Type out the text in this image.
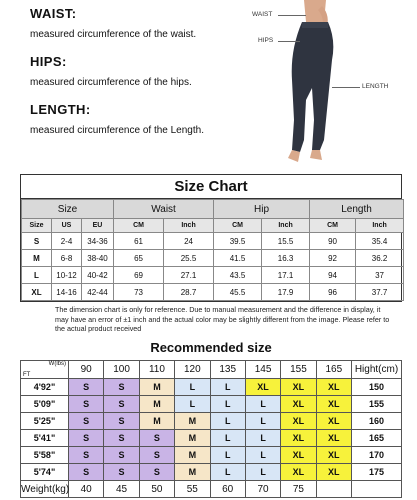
WAIST:
measured circumference of the waist.
HIPS:
measured circumference of the hips.
LENGTH:
measured circumference of the Length.
WAIST
HIPS
LENGTH
Size Chart
Size			Waist		Hip		Length	
Size	US	EU	CM	Inch	CM	Inch	CM	Inch
S	2-4	34-36	61	24	39.5	15.5	90	35.4
M	6-8	38-40	65	25.5	41.5	16.3	92	36.2
L	10-12	40-42	69	27.1	43.5	17.1	94	37
XL	14-16	42-44	73	28.7	45.5	17.9	96	37.7
The dimension chart is only for reference. Due to manual measurement and the difference in display, it may have an error of ±1 inch and the actual color may be slightly different from the image. Please refer to the actual product received
Recommended size
W(lbs)
FT	90	100	110	120	135	145	155	165	Hight(cm)
4'92"	S	S	M	L	L	XL	XL	XL	150
5'09"	S	S	M	L	L	L	XL	XL	155
5'25"	S	S	M	M	L	L	XL	XL	160
5'41"	S	S	S	M	L	L	XL	XL	165
5'58"	S	S	S	M	L	L	XL	XL	170
5'74"	S	S	S	M	L	L	XL	XL	175
Weight(kg)	40	45	50	55	60	70	75		
